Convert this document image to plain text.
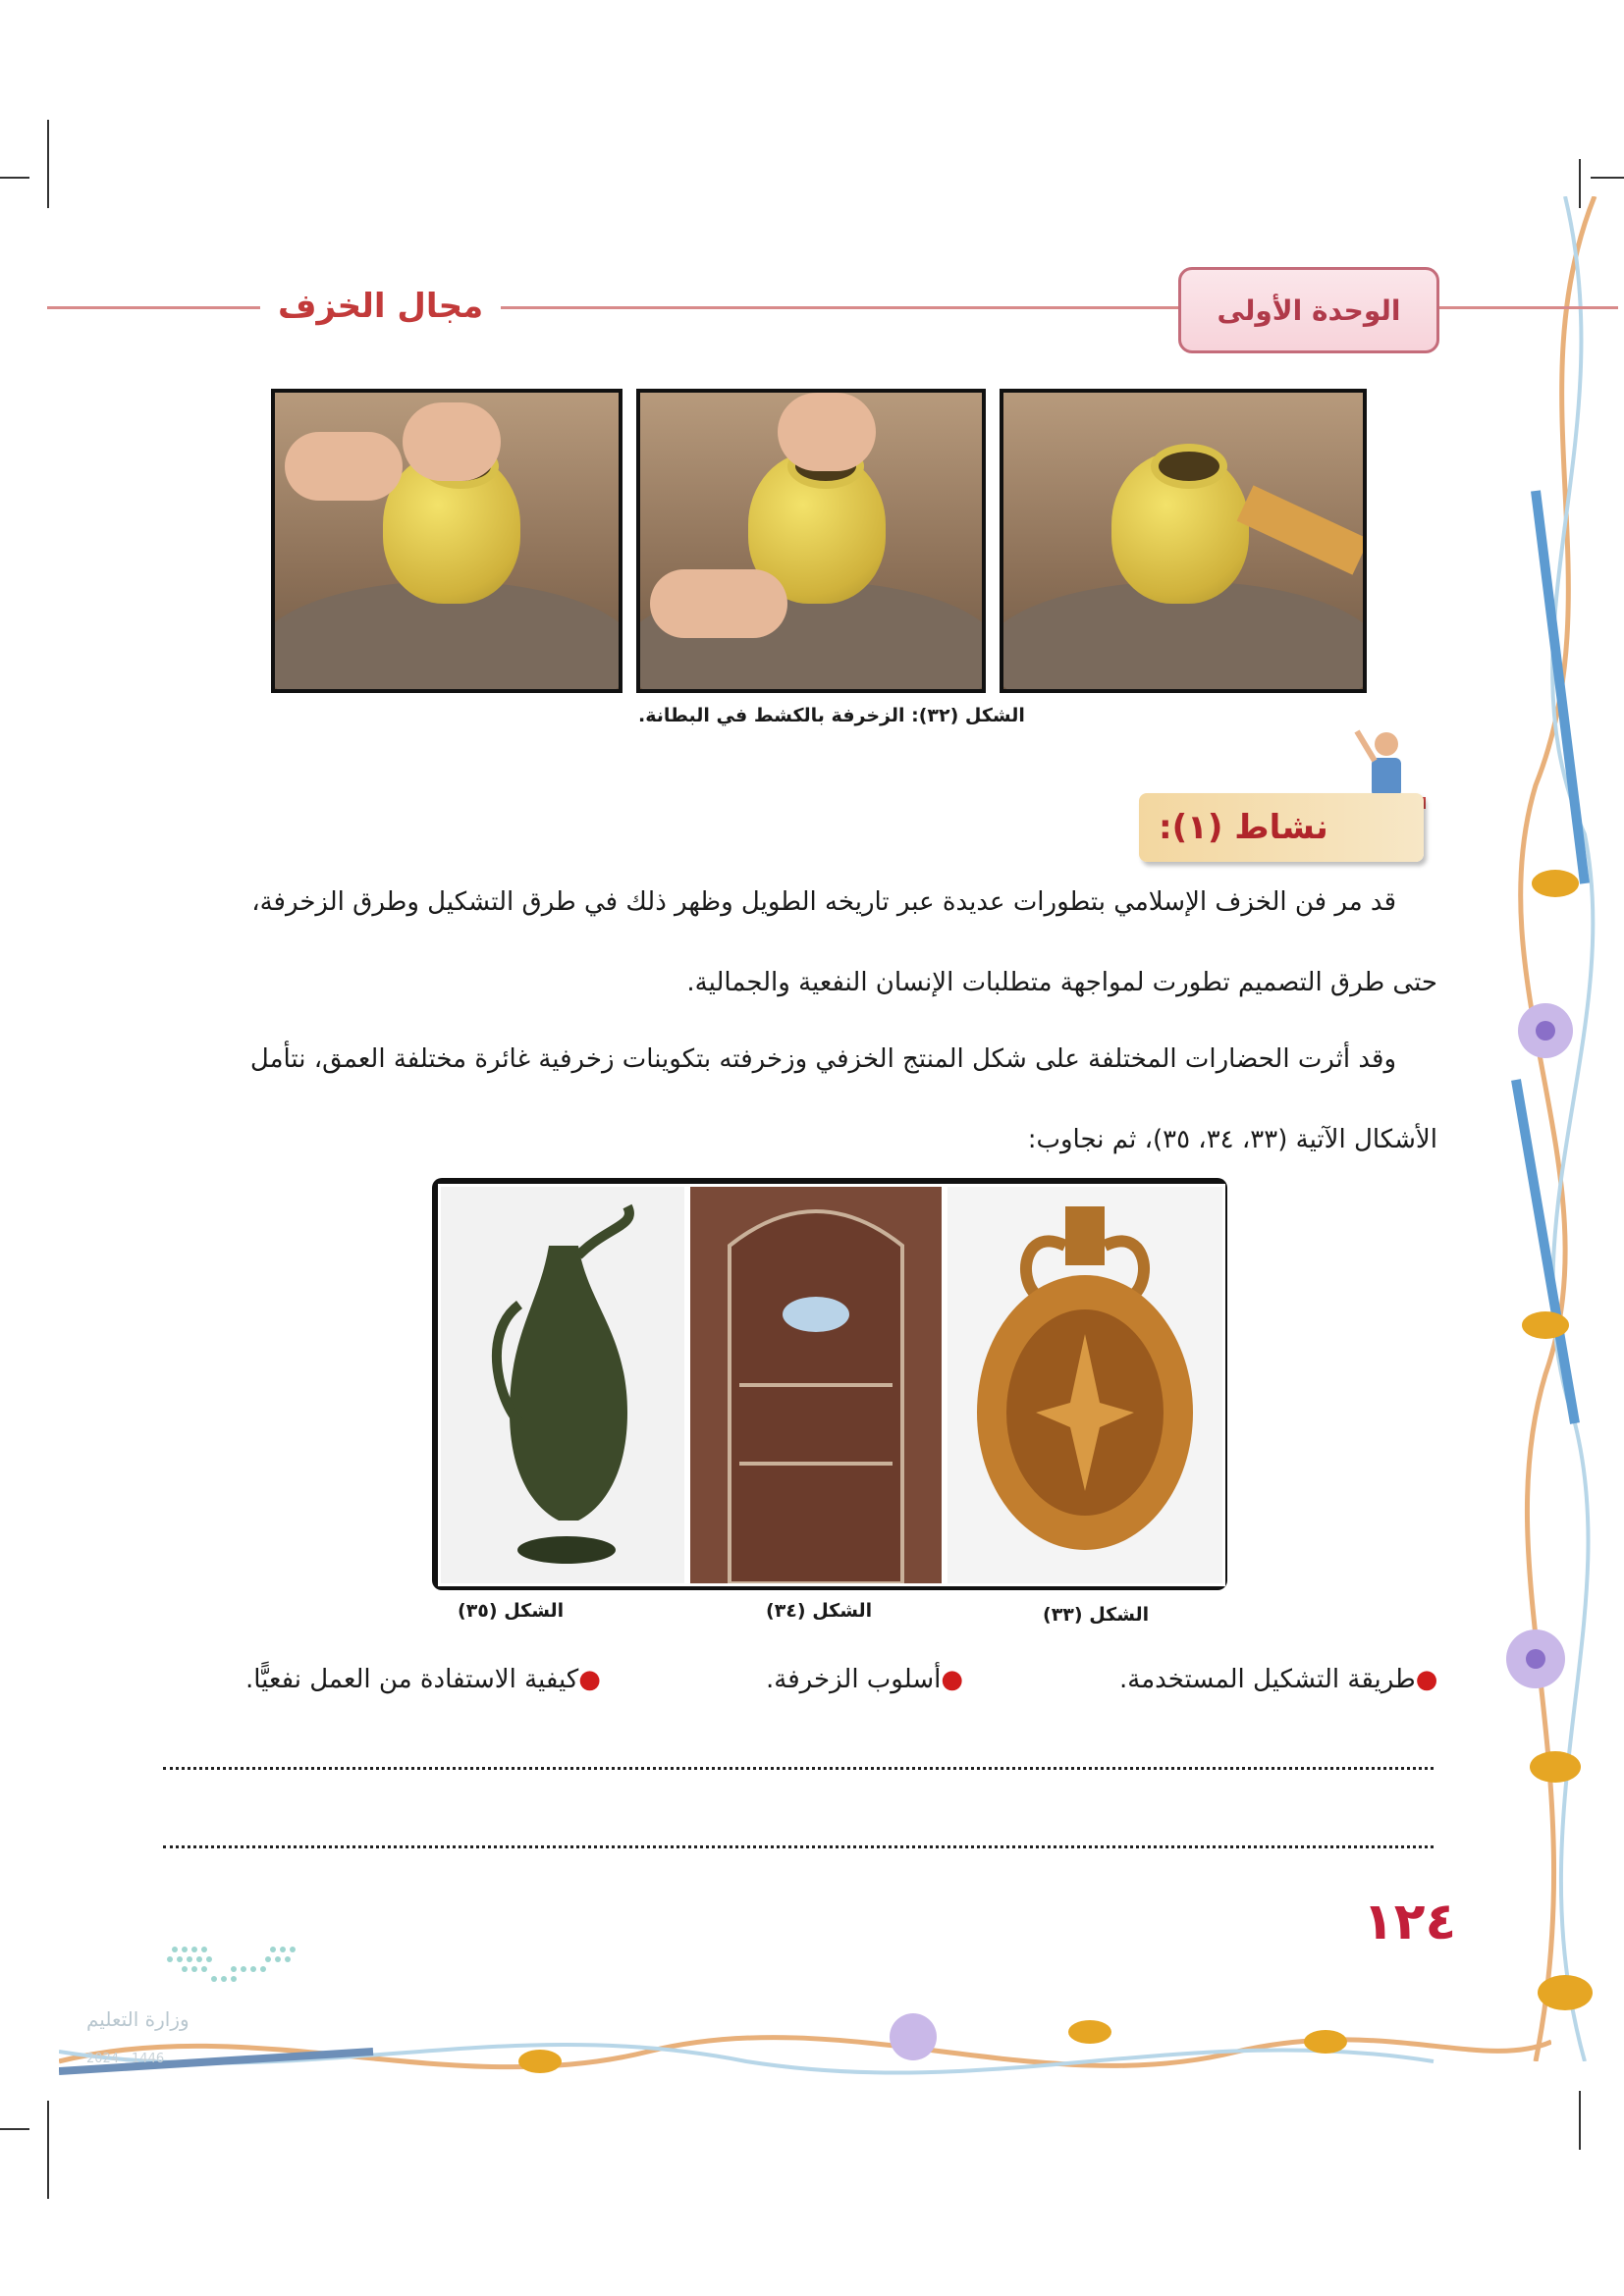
مجال الخزف	الوحدة الأولى
الشكل (٣٢): الزخرفة بالكشط في البطانة.
نشاط (١):
قد مر فن الخزف الإسلامي بتطورات عديدة عبر تاريخه الطويل وظهر ذلك في طرق التشكيل وطرق الزخرفة،
حتى طرق التصميم تطورت لمواجهة متطلبات الإنسان النفعية والجمالية.
وقد أثرت الحضارات المختلفة على شكل المنتج الخزفي وزخرفته بتكوينات زخرفية غائرة مختلفة العمق، نتأمل
الأشكال الآتية (٣٣، ٣٤، ٣٥)، ثم نجاوب:
الشكل (٣٥)	الشكل (٣٤)	الشكل (٣٣)
●طريقة التشكيل المستخدمة.
●أسلوب الزخرفة.
●كيفية الاستفادة من العمل نفعيًّا.
١٢٤
وزارة التعليم
2024 - 1446
